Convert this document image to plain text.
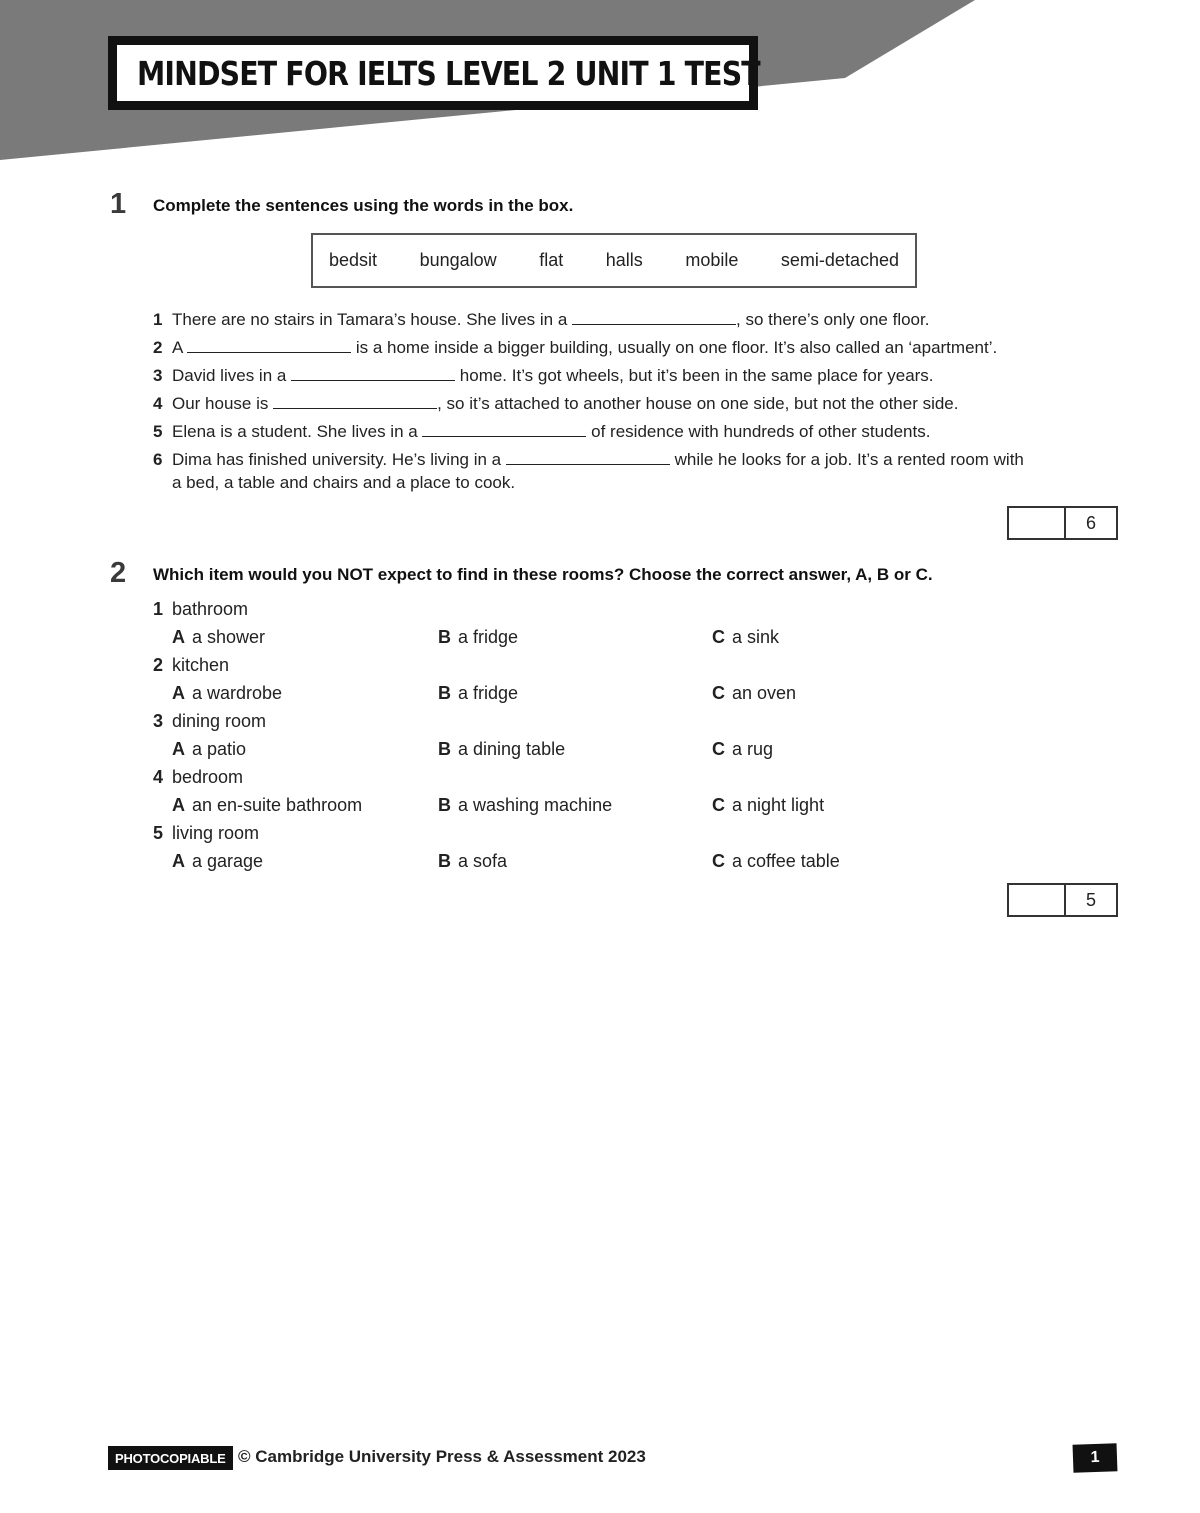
MINDSET FOR IELTS LEVEL 2 UNIT 1 TEST
1 Complete the sentences using the words in the box.
bedsit bungalow flat halls mobile semi-detached
1 There are no stairs in Tamara’s house. She lives in a	, so there’s only one floor.
2 A	is a home inside a bigger building, usually on one floor. It’s also called an ‘apartment’.
3 David lives in a	home. It’s got wheels, but it’s been in the same place for years.
4 Our house is	, so it’s attached to another house on one side, but not the other side.
5 Elena is a student. She lives in a	of residence with hundreds of other students.
6 Dima has finished university. He’s living in a	while he looks for a job. It’s a rented room with
a bed, a table and chairs and a place to cook.
6
2 Which item would you NOT expect to find in these rooms? Choose the correct answer, A, B or C.
1 bathroom
A a shower	B a fridge	C a sink
2 kitchen
A a wardrobe	B a fridge	C an oven
3 dining room
A a patio	B a dining table	C a rug
4 bedroom
A an en-suite bathroom	B a washing machine	C a night light
5 living room
A a garage	B a sofa	C a coffee table
5
PHOTOCOPIABLE © Cambridge University Press & Assessment 2023	1
